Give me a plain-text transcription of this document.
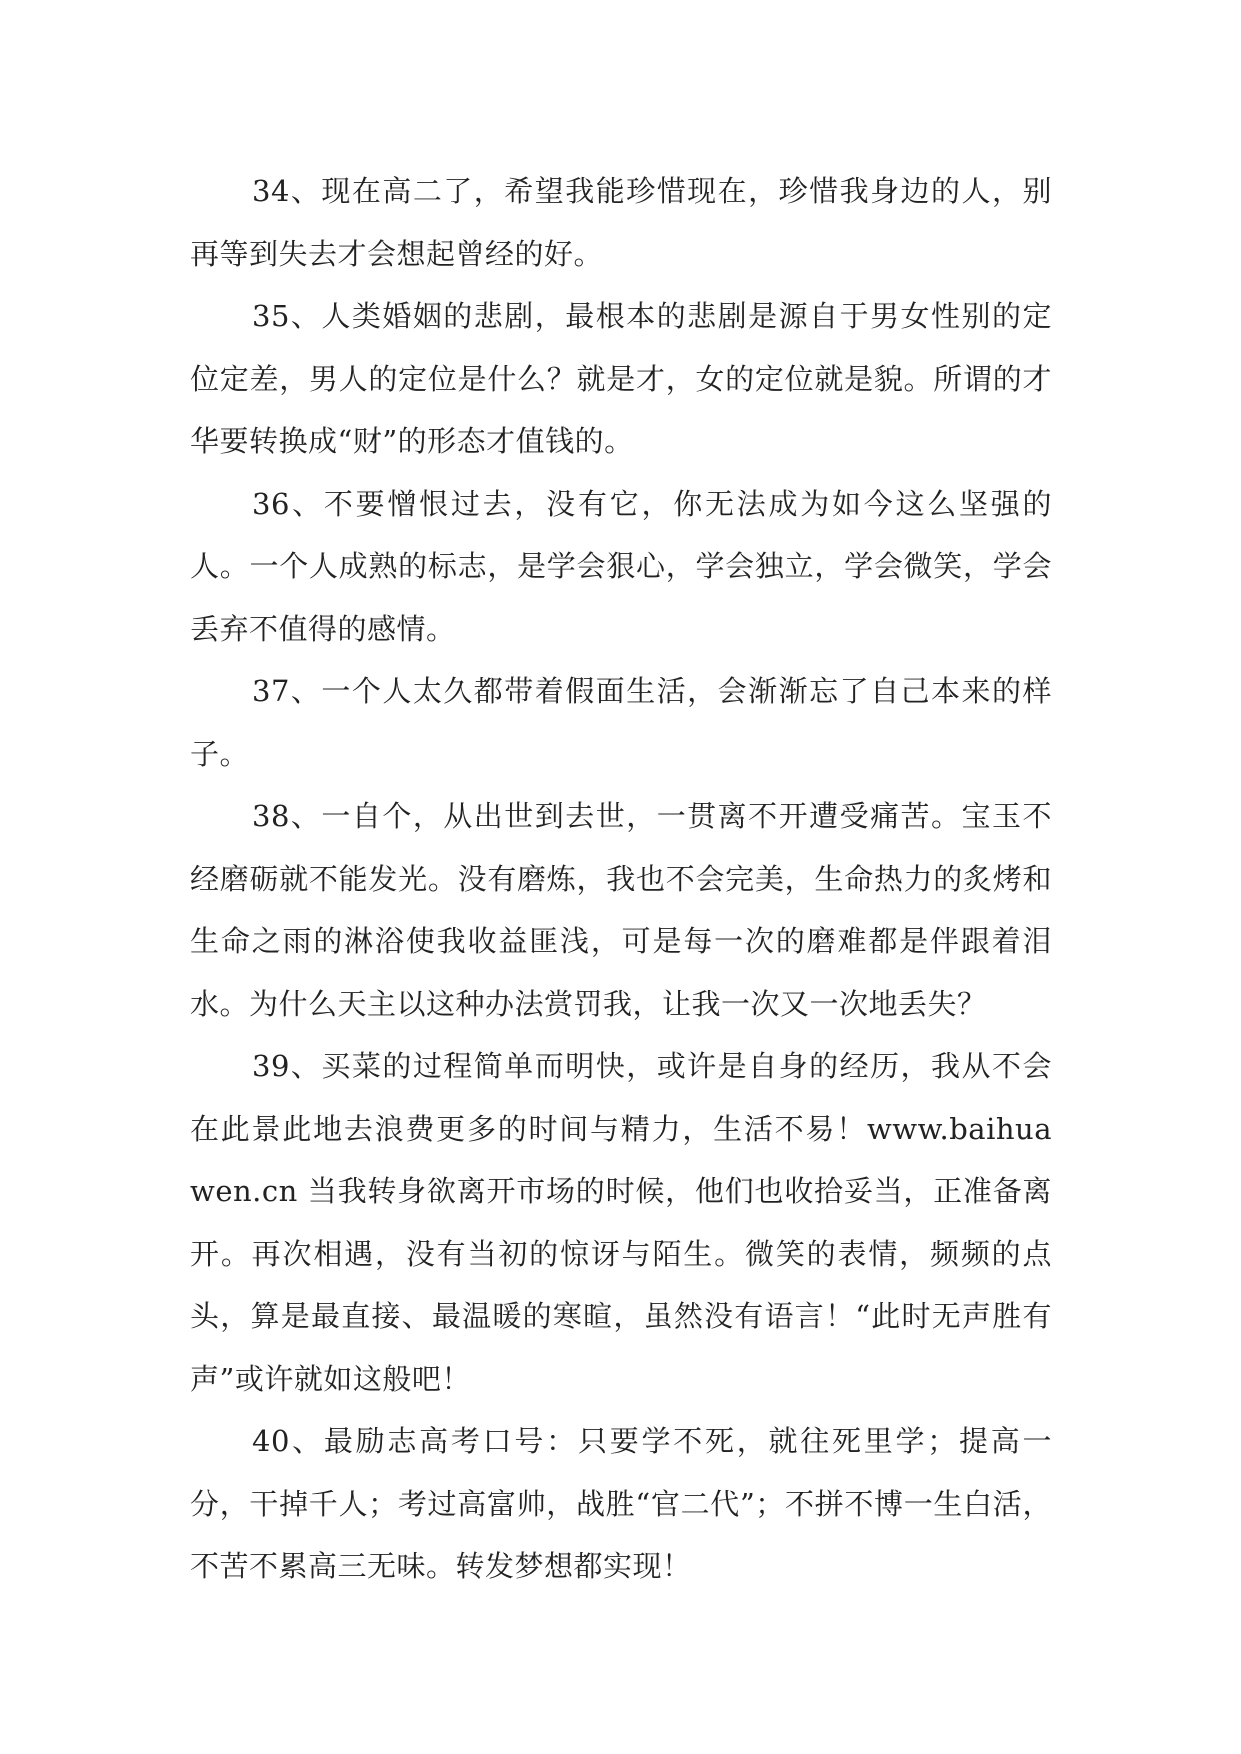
34、现在高二了，希望我能珍惜现在，珍惜我身边的人，别再等到失去才会想起曾经的好。

35、人类婚姻的悲剧，最根本的悲剧是源自于男女性别的定位定差，男人的定位是什么？就是才，女的定位就是貌。所谓的才华要转换成“财”的形态才值钱的。

36、不要憎恨过去，没有它，你无法成为如今这么坚强的人。一个人成熟的标志，是学会狠心，学会独立，学会微笑，学会丢弃不值得的感情。

37、一个人太久都带着假面生活，会渐渐忘了自己本来的样子。

38、一自个，从出世到去世，一贯离不开遭受痛苦。宝玉不经磨砺就不能发光。没有磨炼，我也不会完美，生命热力的炙烤和生命之雨的淋浴使我收益匪浅，可是每一次的磨难都是伴跟着泪水。为什么天主以这种办法赏罚我，让我一次又一次地丢失？

39、买菜的过程简单而明快，或许是自身的经历，我从不会在此景此地去浪费更多的时间与精力，生活不易！www.baihua　wen.cn 当我转身欲离开市场的时候，他们也收拾妥当，正准备离开。再次相遇，没有当初的惊讶与陌生。微笑的表情，频频的点头，算是最直接、最温暖的寒暄，虽然没有语言！“此时无声胜有声”或许就如这般吧！

40、最励志高考口号：只要学不死，就往死里学；提高一分，干掉千人；考过高富帅，战胜“官二代”；不拼不博一生白活，不苦不累高三无味。转发梦想都实现！
